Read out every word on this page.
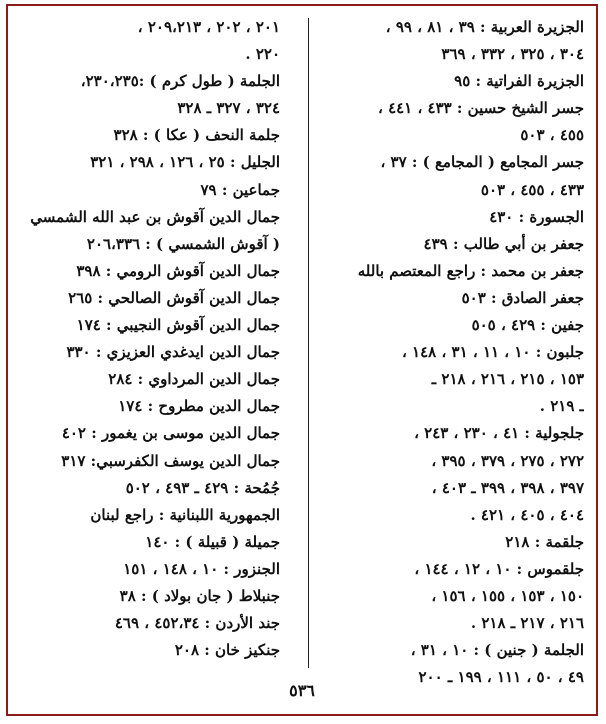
الجزيرة العربية : ٣٩ ، ٨١ ، ٩٩ ،
٣٠٤ ، ٣٢٥ ، ٣٣٢ ، ٣٦٩
الجزيرة الفراتية : ٩٥
جسر الشيخ حسين : ٤٣٣ ، ٤٤١ ،
٤٥٥ ، ٥٠٣
جسر المجامع ( المجامع ) : ٣٧ ،
٤٣٣ ، ٤٥٥ ، ٥٠٣
الجسورة : ٤٣٠
جعفر بن أبي طالب : ٤٣٩
جعفر بن محمد : راجع المعتصم بالله
جعفر الصادق : ٥٠٣
جفين : ٤٢٩ ، ٥٠٥
جلبون : ١٠ ، ١١ ، ٣١ ، ١٤٨ ،
١٥٣ ، ٢١٥ ، ٢١٦ ، ٢١٨ ـ
ـ ٢١٩ .
جلجولية : ٤١ ، ٢٣٠ ، ٢٤٣ ،
٢٧٢ ، ٢٧٥ ، ٣٧٩ ، ٣٩٥ ،
٣٩٧ ، ٣٩٨ ، ٣٩٩ ـ ٤٠٣ ،
٤٠٤ ، ٤٠٥ ، ٤٢١ .
جلقمة : ٢١٨
جلقموس : ١٠ ، ١٢ ، ١٤٤ ،
١٥٠ ، ١٥٣ ، ١٥٥ ، ١٥٦ ،
٢١٦ ، ٢١٧ ـ ٢١٨ .
الجلمة ( جنين ) : ١٠ ، ٣١ ،
٤٩ ، ٥٠ ، ١١١ ، ١٩٩ ـ ٢٠٠
٢٠١ ، ٢٠٢ ، ٢٠٩،٢١٣ ،
٢٢٠ .
الجلمة ( طول كرم ) :٢٣٠،٢٣٥،
٣٢٤ ، ٣٢٧ ـ ٣٢٨
جلمة النحف ( عكا ) : ٣٢٨
الجليل : ٢٥ ، ١٢٦ ، ٢٩٨ ، ٣٢١
جماعين : ٧٩
جمال الدين آقوش بن عبد الله الشمسي
( آقوش الشمسي ) : ٢٠٦،٣٣٦
جمال الدين آقوش الرومي : ٣٩٨
جمال الدين آقوش الصالحي : ٢٦٥
جمال الدين آقوش النجيبي : ١٧٤
جمال الدين ايدغدي العزيزي : ٣٣٠
جمال الدين المرداوي : ٢٨٤
جمال الدين مطروح : ١٧٤
جمال الدين موسى بن يغمور : ٤٠٢
جمال الدين يوسف الكفرسبي: ٣١٧
جُمُحة : ٤٢٩ ـ ٤٩٣ ، ٥٠٢
الجمهورية اللبنانية : راجع لبنان
جميلة ( قبيلة ) : ١٤٠
الجنزور : ١٠ ، ١٤٨ ، ١٥١
جنبلاط ( جان بولاد ) : ٣٨
جند الأردن : ٤٥٢،٣٤ ، ٤٦٩
جنكيز خان : ٢٠٨
٥٣٦
